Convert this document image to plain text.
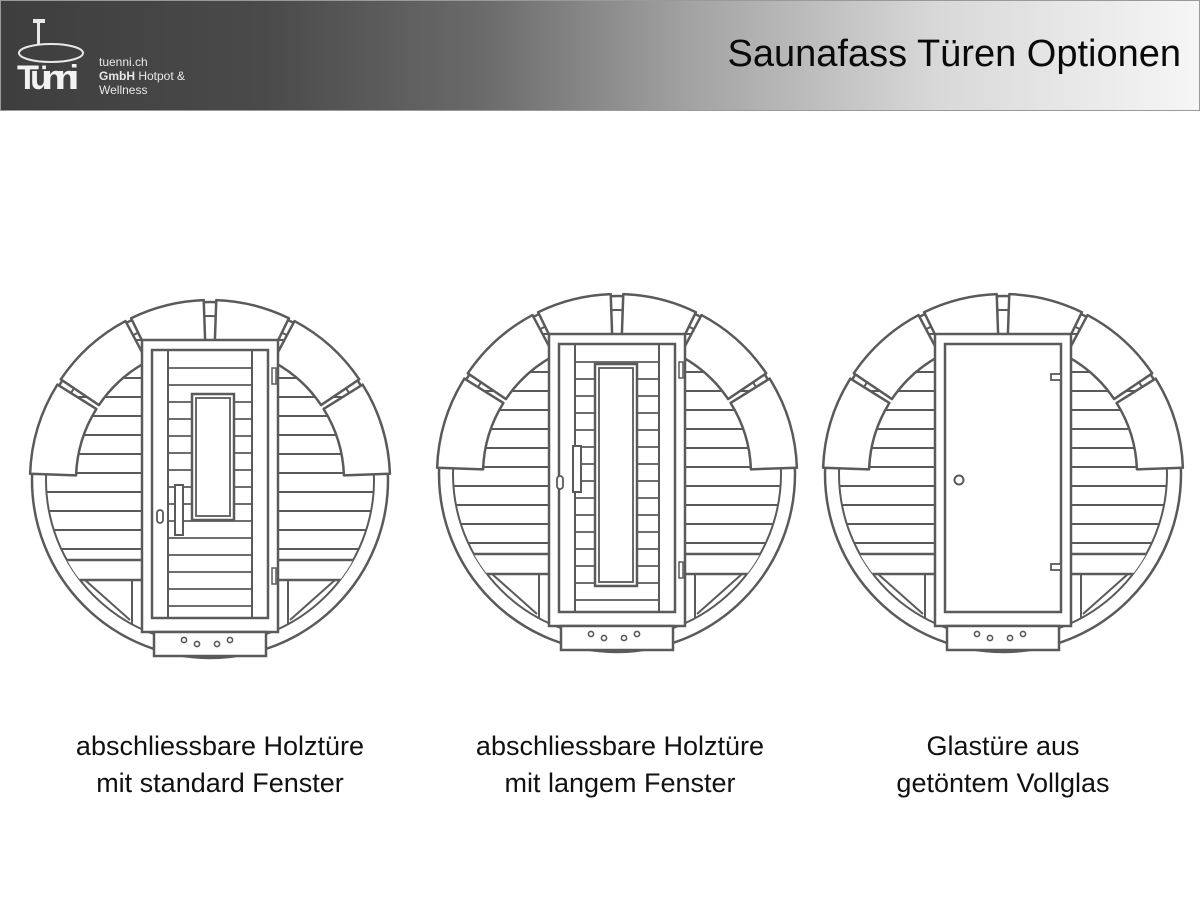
Tünni tuenni.ch
GmbH Hotpot & Wellness
Saunafass Türen Optionen
abschliessbare Holztüre
mit standard Fenster
abschliessbare Holztüre
mit langem Fenster
Glastüre aus
getöntem Vollglas
